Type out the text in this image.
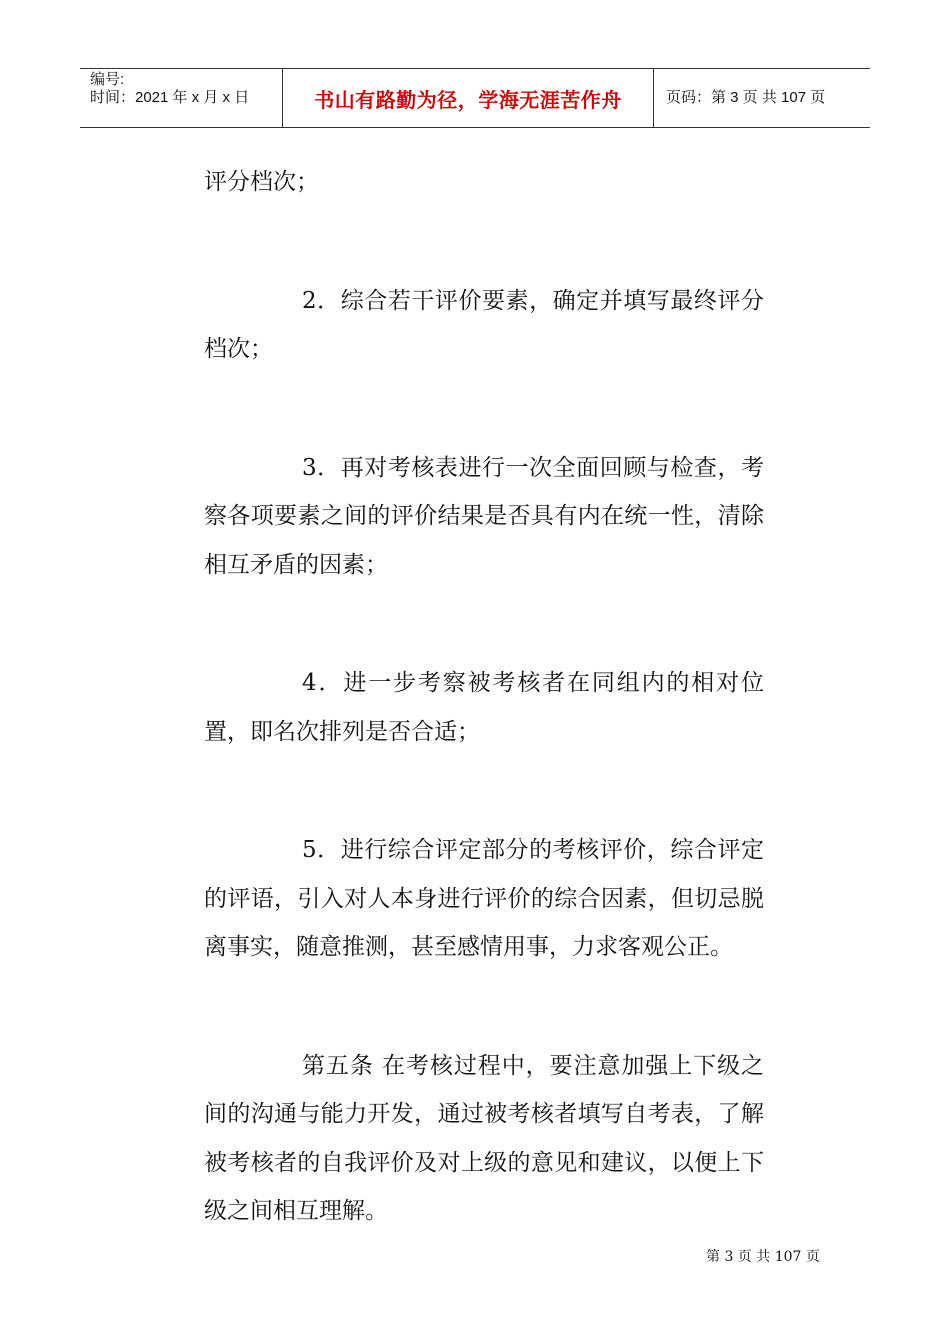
编号:
时间：2021 年 x 月 x 日	书山有路勤为径，学海无涯苦作舟	页码：第 3 页 共 107 页

评分档次；

2．综合若干评价要素，确定并填写最终评分档次；

3．再对考核表进行一次全面回顾与检查，考察各项要素之间的评价结果是否具有内在统一性，清除相互矛盾的因素；

4．进一步考察被考核者在同组内的相对位置，即名次排列是否合适；

5．进行综合评定部分的考核评价，综合评定的评语，引入对人本身进行评价的综合因素，但切忌脱离事实，随意推测，甚至感情用事，力求客观公正。

第五条 在考核过程中，要注意加强上下级之间的沟通与能力开发，通过被考核者填写自考表，了解被考核者的自我评价及对上级的意见和建议，以便上下级之间相互理解。

第 3 页 共 107 页
